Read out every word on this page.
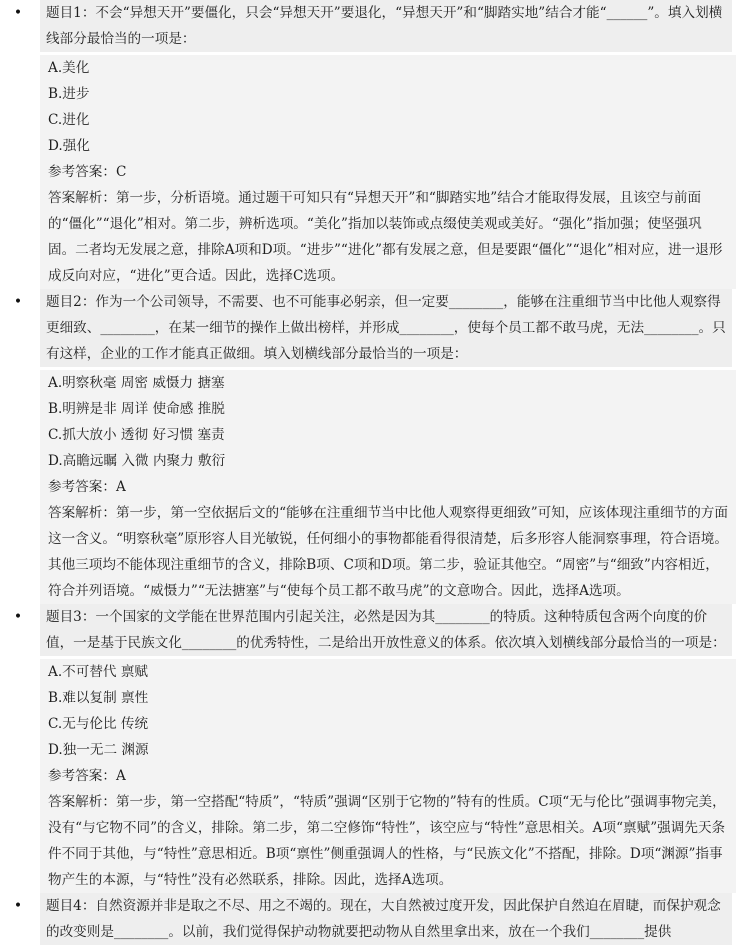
•	题目1：不会“异想天开”要僵化，只会“异想天开”要退化，“异想天开”和“脚踏实地”结合才能“______”。填入划横线部分最恰当的一项是：
A.美化
B.进步
C.进化
D.强化
参考答案：C
答案解析：第一步，分析语境。通过题干可知只有“异想天开”和“脚踏实地”结合才能取得发展，且该空与前面的“僵化”“退化”相对。第二步，辨析选项。“美化”指加以装饰或点缀使美观或美好。“强化”指加强；使坚强巩固。二者均无发展之意，排除A项和D项。“进步”“进化”都有发展之意，但是要跟“僵化”“退化”相对应，进一退形成反向对应，“进化”更合适。因此，选择C选项。
•	题目2：作为一个公司领导，不需要、也不可能事必躬亲，但一定要________，能够在注重细节当中比他人观察得更细致、________，在某一细节的操作上做出榜样，并形成________，使每个员工都不敢马虎，无法________。只有这样，企业的工作才能真正做细。填入划横线部分最恰当的一项是：
A.明察秋毫 周密 威慑力 搪塞
B.明辨是非 周详 使命感 推脱
C.抓大放小 透彻 好习惯 塞责
D.高瞻远瞩 入微 内聚力 敷衍
参考答案：A
答案解析：第一步，第一空依据后文的“能够在注重细节当中比他人观察得更细致”可知，应该体现注重细节的方面这一含义。“明察秋毫”原形容人目光敏锐，任何细小的事物都能看得很清楚，后多形容人能洞察事理，符合语境。其他三项均不能体现注重细节的含义，排除B项、C项和D项。第二步，验证其他空。“周密”与“细致”内容相近，符合并列语境。“威慑力”“无法搪塞”与“使每个员工都不敢马虎”的文意吻合。因此，选择A选项。
•	题目3：一个国家的文学能在世界范围内引起关注，必然是因为其________的特质。这种特质包含两个向度的价值，一是基于民族文化________的优秀特性，二是给出开放性意义的体系。依次填入划横线部分最恰当的一项是：
A.不可替代 禀赋
B.难以复制 禀性
C.无与伦比 传统
D.独一无二 渊源
参考答案：A
答案解析：第一步，第一空搭配“特质”，“特质”强调“区别于它物的”特有的性质。C项“无与伦比”强调事物完美，没有“与它物不同”的含义，排除。第二步，第二空修饰“特性”，该空应与“特性”意思相关。A项“禀赋”强调先天条件不同于其他，与“特性”意思相近。B项“禀性”侧重强调人的性格，与“民族文化”不搭配，排除。D项“渊源”指事物产生的本源，与“特性”没有必然联系，排除。因此，选择A选项。
•	题目4：自然资源并非是取之不尽、用之不竭的。现在，大自然被过度开发，因此保护自然迫在眉睫，而保护观念的改变则是________。以前，我们觉得保护动物就要把动物从自然里拿出来，放在一个我们________提供
